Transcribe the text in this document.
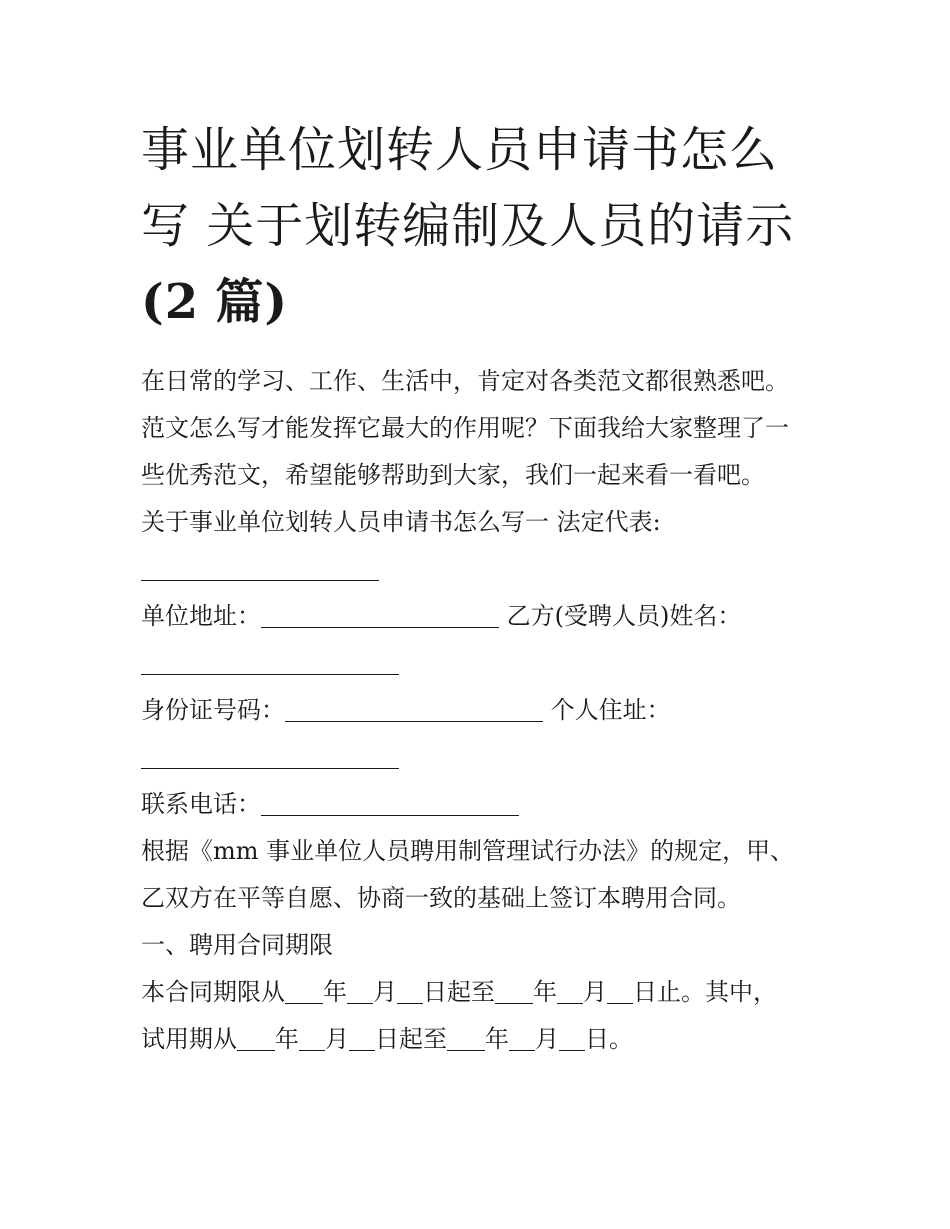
事业单位划转人员申请书怎么
写 关于划转编制及人员的请示
(2 篇)
在日常的学习、工作、生活中，肯定对各类范文都很熟悉吧。
范文怎么写才能发挥它最大的作用呢？下面我给大家整理了一
些优秀范文，希望能够帮助到大家，我们一起来看一看吧。
关于事业单位划转人员申请书怎么写一 法定代表:
单位地址：	乙方(受聘人员)姓名：
身份证号码：	个人住址：
联系电话：
根据《mm 事业单位人员聘用制管理试行办法》的规定，甲、
乙双方在平等自愿、协商一致的基础上签订本聘用合同。
一、聘用合同期限
本合同期限从 年 月 日起至 年 月 日止。其中，
试用期从 年 月 日起至 年 月 日。
